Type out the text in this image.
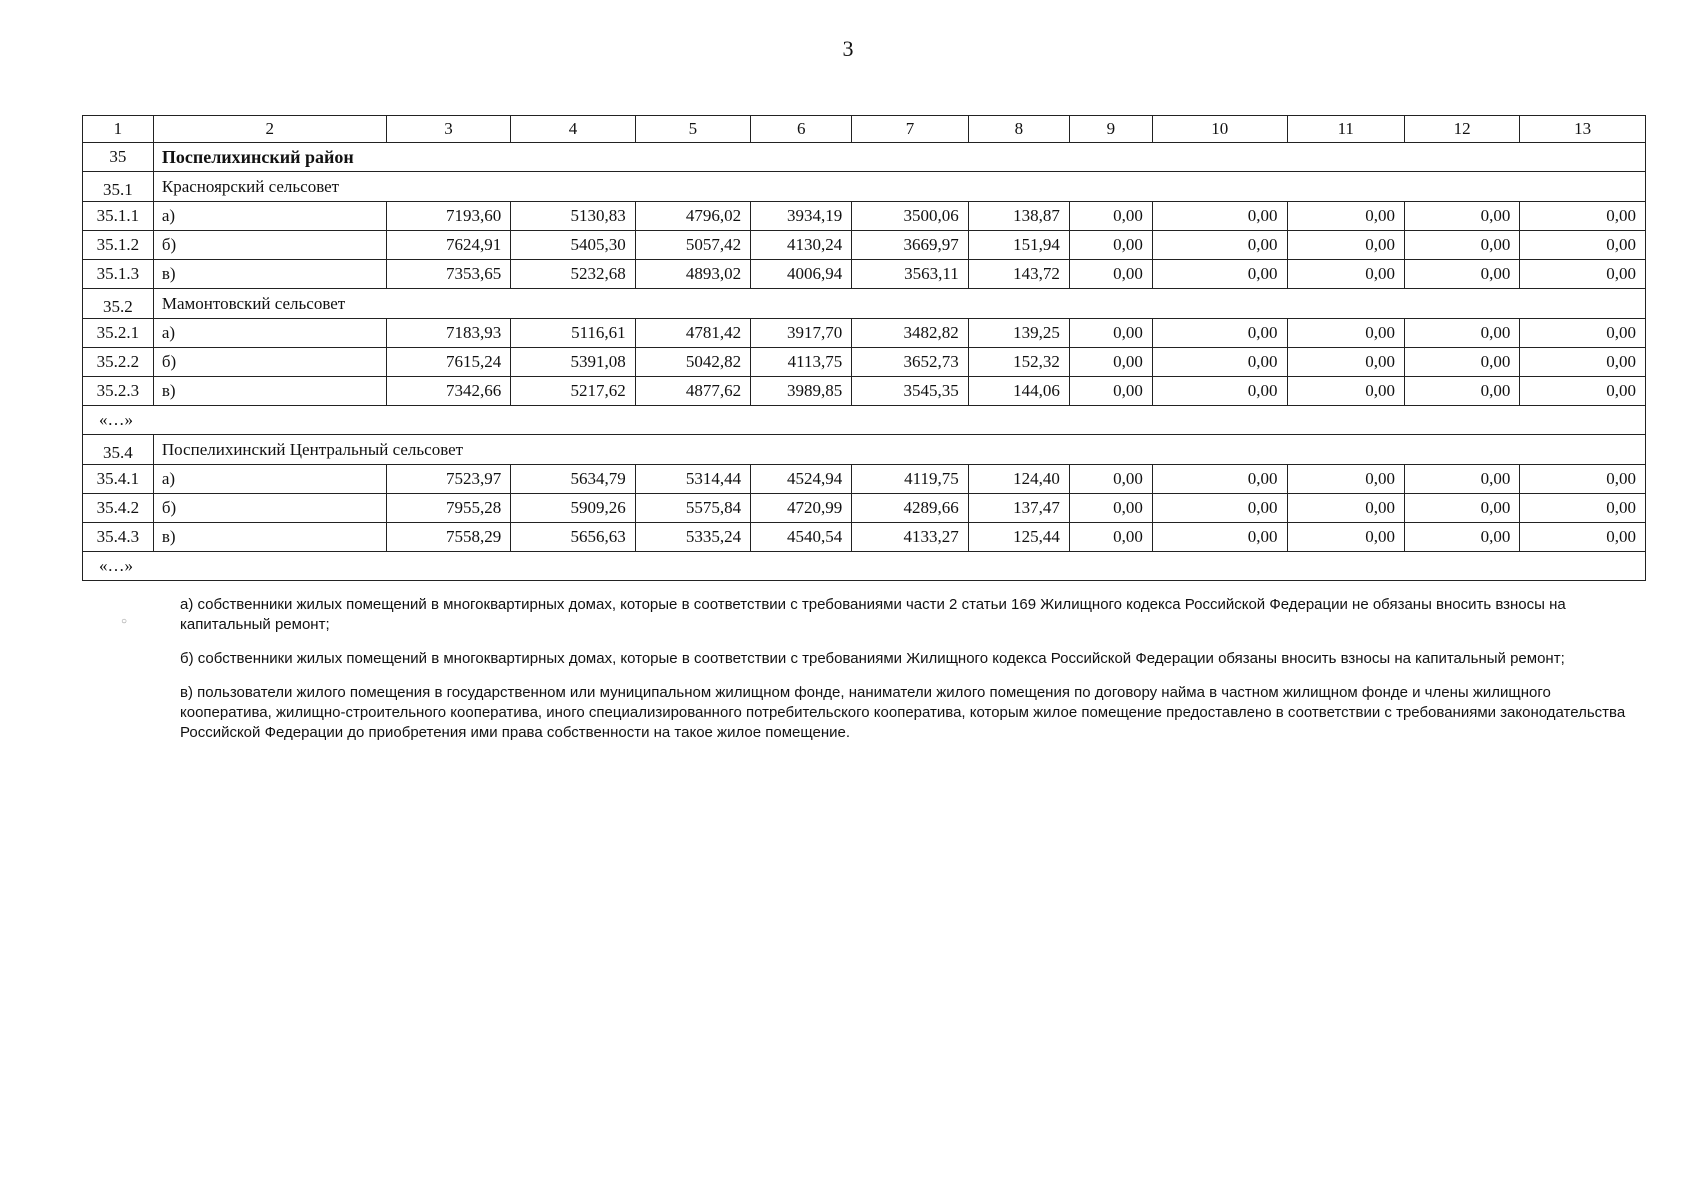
3
1	2	3	4	5	6	7	8	9	10	11	12	13
35	Поспелихинский район											
35.1	Красноярский сельсовет											
35.1.1	а)	7193,60	5130,83	4796,02	3934,19	3500,06	138,87	0,00	0,00	0,00	0,00	0,00
35.1.2	б)	7624,91	5405,30	5057,42	4130,24	3669,97	151,94	0,00	0,00	0,00	0,00	0,00
35.1.3	в)	7353,65	5232,68	4893,02	4006,94	3563,11	143,72	0,00	0,00	0,00	0,00	0,00
35.2	Мамонтовский сельсовет											
35.2.1	а)	7183,93	5116,61	4781,42	3917,70	3482,82	139,25	0,00	0,00	0,00	0,00	0,00
35.2.2	б)	7615,24	5391,08	5042,82	4113,75	3652,73	152,32	0,00	0,00	0,00	0,00	0,00
35.2.3	в)	7342,66	5217,62	4877,62	3989,85	3545,35	144,06	0,00	0,00	0,00	0,00	0,00
«…»												
35.4	Поспелихинский Центральный сельсовет											
35.4.1	а)	7523,97	5634,79	5314,44	4524,94	4119,75	124,40	0,00	0,00	0,00	0,00	0,00
35.4.2	б)	7955,28	5909,26	5575,84	4720,99	4289,66	137,47	0,00	0,00	0,00	0,00	0,00
35.4.3	в)	7558,29	5656,63	5335,24	4540,54	4133,27	125,44	0,00	0,00	0,00	0,00	0,00
«…»												
○

а) собственники жилых помещений в многоквартирных домах, которые в соответствии с требованиями части 2 статьи 169 Жилищного кодекса Российской Федерации не обязаны вносить взносы на капитальный ремонт;

б) собственники жилых помещений в многоквартирных домах, которые в соответствии с требованиями Жилищного кодекса Российской Федерации обязаны вносить взносы на капитальный ремонт;

в) пользователи жилого помещения в государственном или муниципальном жилищном фонде, наниматели жилого помещения по договору найма в частном жилищном фонде и члены жилищного кооператива, жилищно-строительного кооператива, иного специализированного потребительского кооператива, которым жилое помещение предоставлено в соответствии с требованиями законодательства Российской Федерации до приобретения ими права собственности на такое жилое помещение.
